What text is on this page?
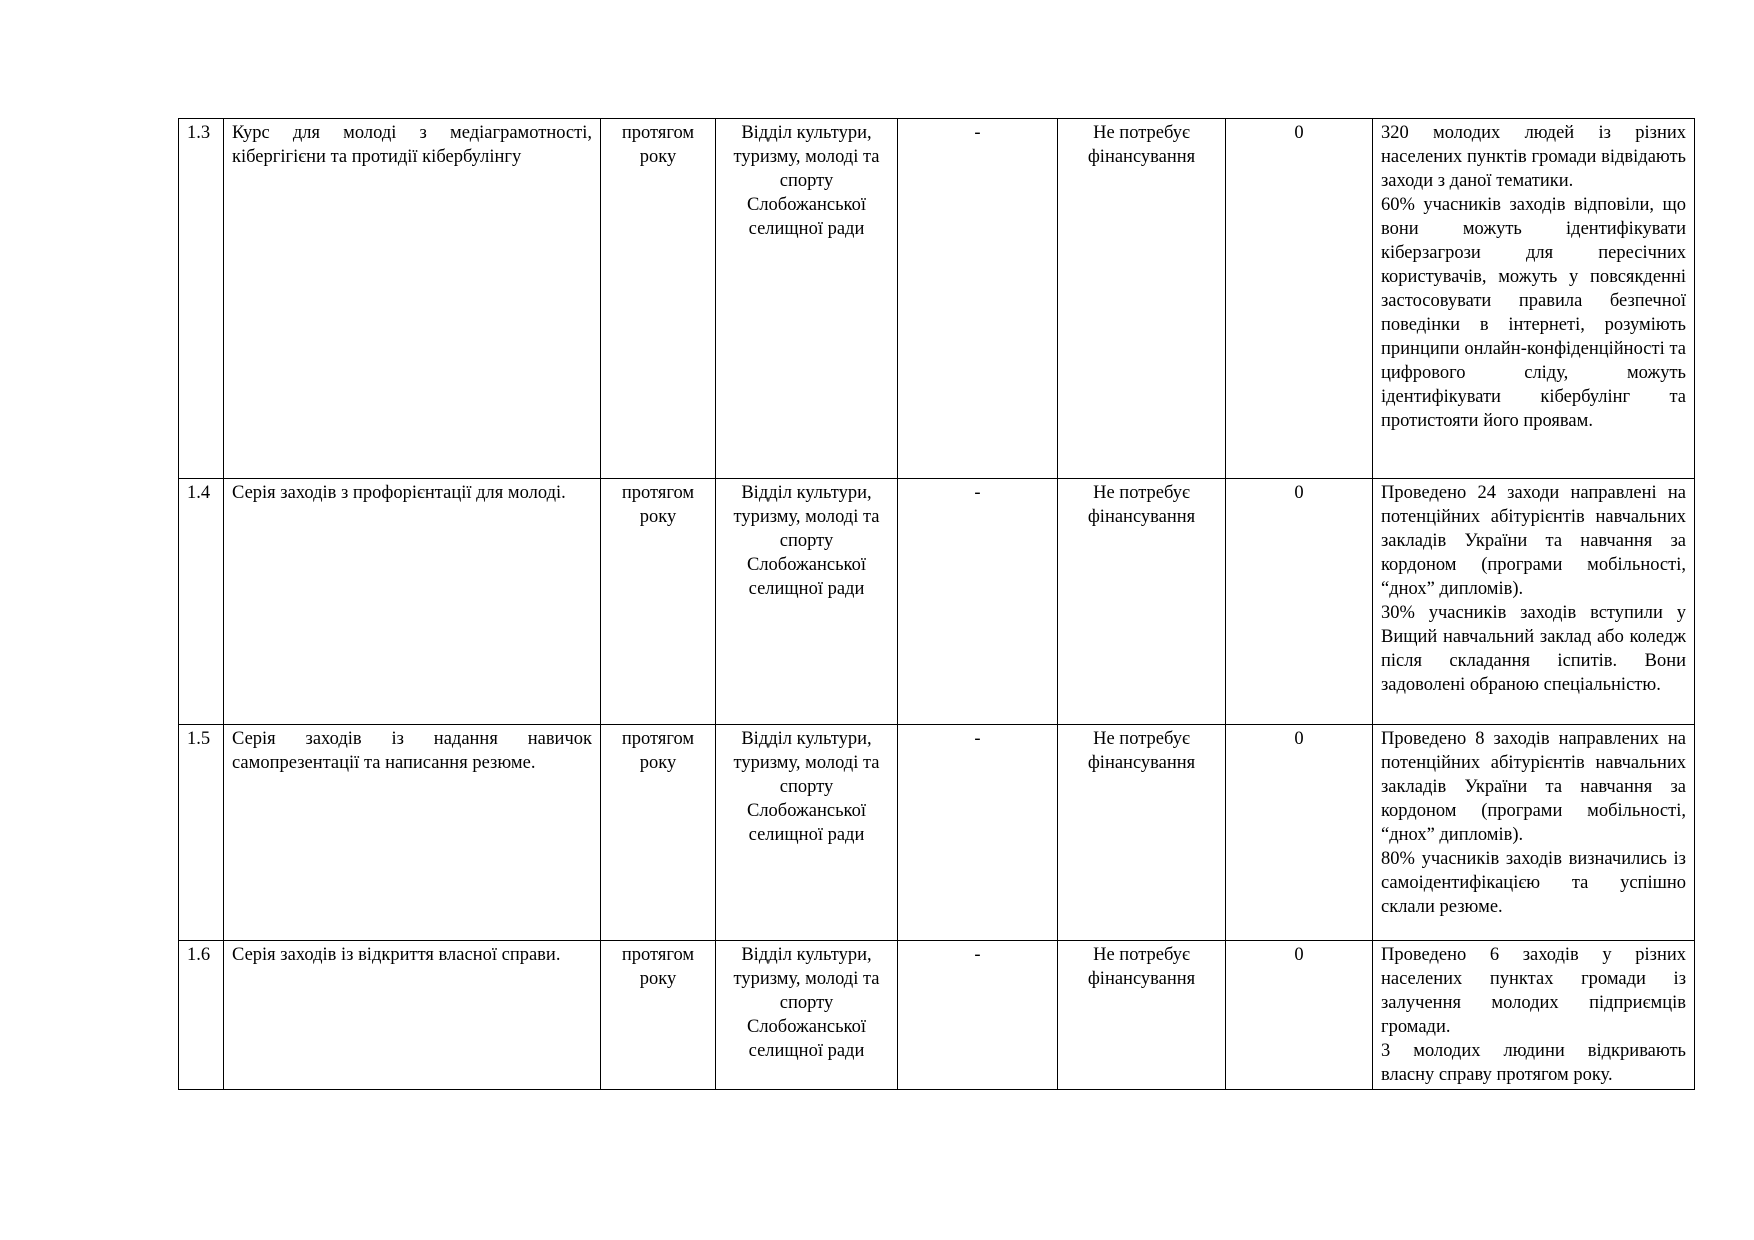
1.3	Курс для молоді з медіаграмотності, кібергігієни та протидії кібербулінгу	протягом року	Відділ культури, туризму, молоді та спорту Слобожанської селищної ради	-	Не потребує фінансування	0	320 молодих людей із різних населених пунктів громади відвідають заходи з даної тематики.

60% учасників заходів відповіли, що вони можуть ідентифікувати кіберзагрози для пересічних користувачів, можуть у повсякденні застосовувати правила безпечної поведінки в інтернеті, розуміють принципи онлайн-конфіденційності та цифрового сліду, можуть ідентифікувати кібербулінг та протистояти його проявам.

1.4	Серія заходів з профорієнтації для молоді.	протягом року	Відділ культури, туризму, молоді та спорту Слобожанської селищної ради	-	Не потребує фінансування	0	Проведено 24 заходи направлені на потенційних абітурієнтів навчальних закладів України та навчання за кордоном (програми мобільності, “днох” дипломів).

30% учасників заходів вступили у Вищий навчальний заклад або коледж після складання іспитів. Вони задоволені обраною спеціальністю.

1.5	Серія заходів із надання навичок самопрезентації та написання резюме.	протягом року	Відділ культури, туризму, молоді та спорту Слобожанської селищної ради	-	Не потребує фінансування	0	Проведено 8 заходів направлених на потенційних абітурієнтів навчальних закладів України та навчання за кордоном (програми мобільності, “днох” дипломів).

80% учасників заходів визначились із самоідентифікацією та успішно склали резюме.

1.6	Серія заходів із відкриття власної справи.	протягом року	Відділ культури, туризму, молоді та спорту Слобожанської селищної ради	-	Не потребує фінансування	0	Проведено 6 заходів у різних населених пунктах громади із залучення молодих підприємців громади.

3 молодих людини відкривають власну справу протягом року.
